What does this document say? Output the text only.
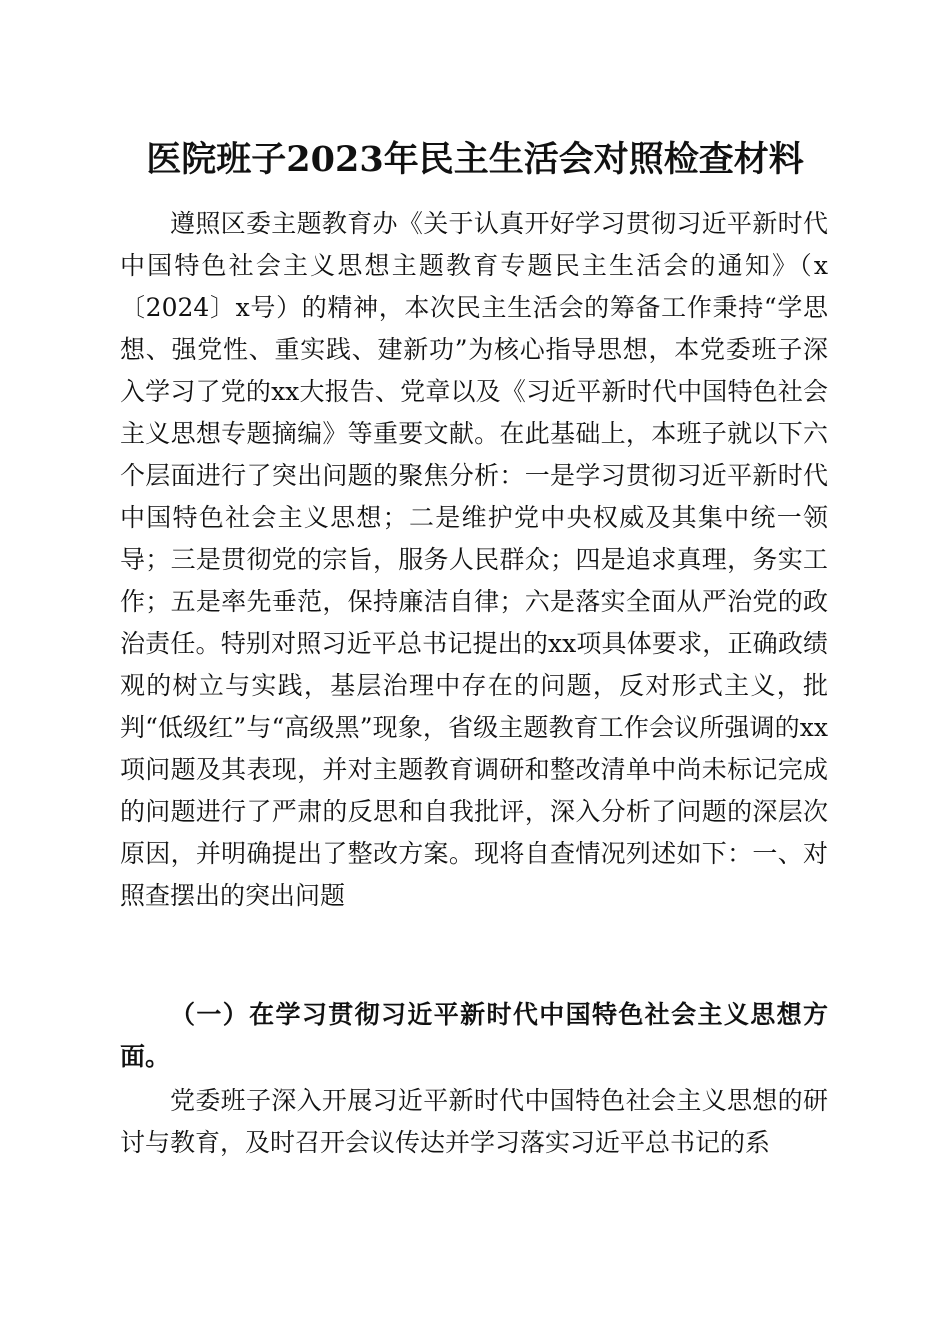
医院班子2023年民主生活会对照检查材料

遵照区委主题教育办《关于认真开好学习贯彻习近平新时代中国特色社会主义思想主题教育专题民主生活会的通知》（x〔2024〕x号）的精神，本次民主生活会的筹备工作秉持“学思想、强党性、重实践、建新功”为核心指导思想，本党委班子深入学习了党的xx大报告、党章以及《习近平新时代中国特色社会主义思想专题摘编》等重要文献。在此基础上，本班子就以下六个层面进行了突出问题的聚焦分析：一是学习贯彻习近平新时代中国特色社会主义思想；二是维护党中央权威及其集中统一领导；三是贯彻党的宗旨，服务人民群众；四是追求真理，务实工作；五是率先垂范，保持廉洁自律；六是落实全面从严治党的政治责任。特别对照习近平总书记提出的xx项具体要求，正确政绩观的树立与实践，基层治理中存在的问题，反对形式主义，批判“低级红”与“高级黑”现象，省级主题教育工作会议所强调的xx项问题及其表现，并对主题教育调研和整改清单中尚未标记完成的问题进行了严肃的反思和自我批评，深入分析了问题的深层次原因，并明确提出了整改方案。现将自查情况列述如下：一、对照查摆出的突出问题

（一）在学习贯彻习近平新时代中国特色社会主义思想方面。

党委班子深入开展习近平新时代中国特色社会主义思想的研讨与教育，及时召开会议传达并学习落实习近平总书记的系
